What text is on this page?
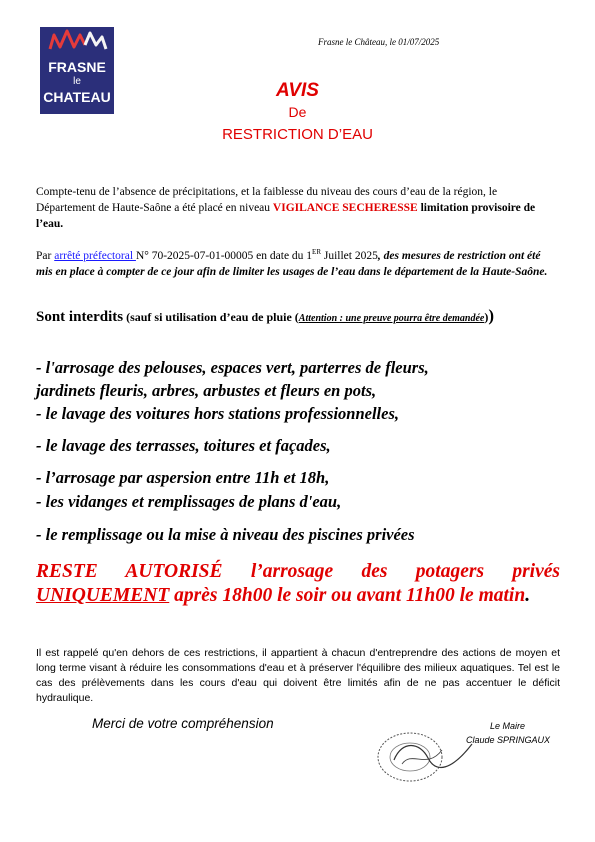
FRASNE
le
CHATEAU
Frasne le Château, le 01/07/2025
AVIS
De
RESTRICTION D’EAU

Compte-tenu de l’absence de précipitations, et la faiblesse du niveau des cours d’eau de la région, le Département de Haute-Saône a été placé en niveau VIGILANCE SECHERESSE limitation provisoire de l’eau.

Par arrêté préfectoral N° 70-2025-07-01-00005 en date du 1ER Juillet 2025, des mesures de restriction ont été mis en place à compter de ce jour afin de limiter les usages de l’eau dans le département de la Haute-Saône.

Sont interdits (sauf si utilisation d’eau de pluie (Attention : une preuve pourra être demandée))
- l'arrosage des pelouses, espaces vert, parterres de fleurs,
jardinets fleuris, arbres, arbustes et fleurs en pots,
- le lavage des voitures hors stations professionnelles,
- le lavage des terrasses, toitures et façades,
- l’arrosage par aspersion entre 11h et 18h,
- les vidanges et remplissages de plans d'eau,
- le remplissage ou la mise à niveau des piscines privées
RESTE AUTORISÉ l’arrosage des potagers privés
UNIQUEMENT après 18h00 le soir ou avant 11h00 le matin.
Il est rappelé qu'en dehors de ces restrictions, il appartient à chacun d'entreprendre des actions de moyen et long terme visant à réduire les consommations d'eau et à préserver l'équilibre des milieux aquatiques. Tel est le cas des prélèvements dans les cours d'eau qui doivent être limités afin de ne pas accentuer le déficit hydraulique.
Merci de votre compréhension	Le Maire
Claude SPRINGAUX
